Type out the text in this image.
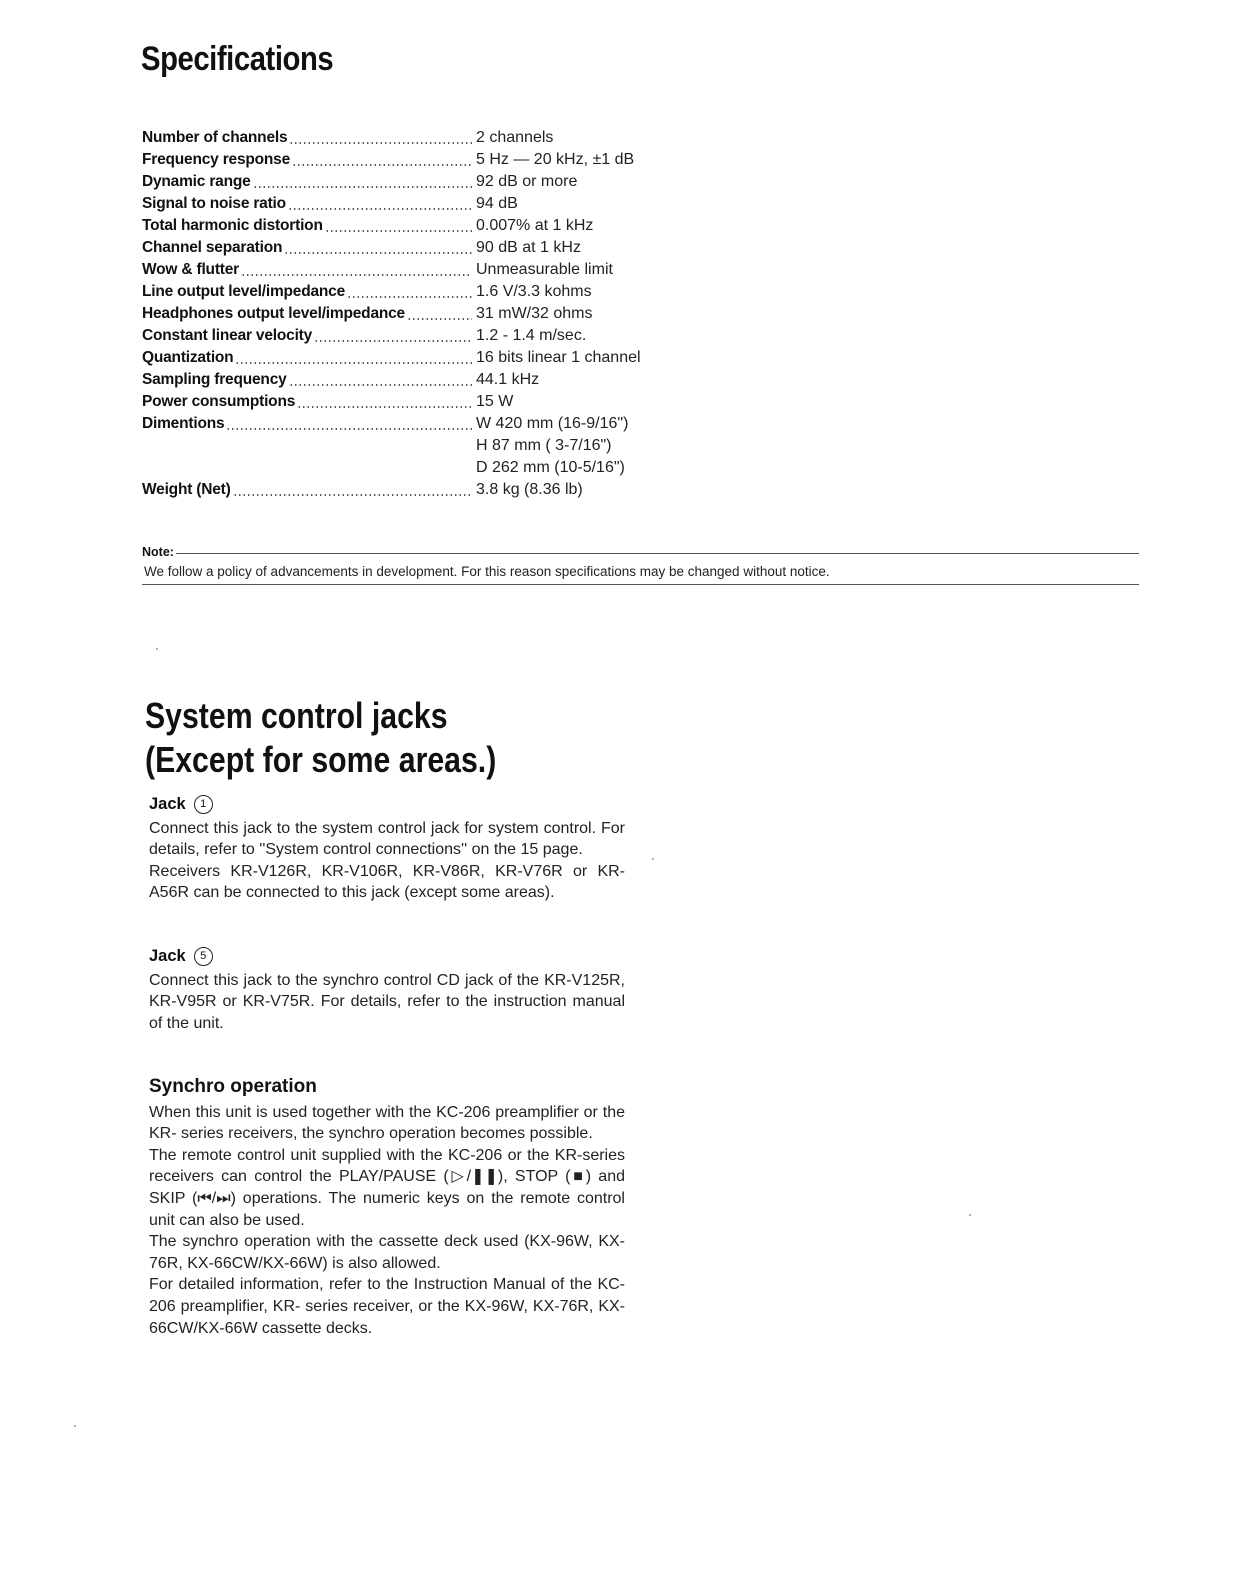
Specifications
Number of channels	2 channels
Frequency response	5 Hz — 20 kHz, ±1 dB
Dynamic range	92 dB or more
Signal to noise ratio	94 dB
Total harmonic distortion	0.007% at 1 kHz
Channel separation	90 dB at 1 kHz
Wow & flutter	Unmeasurable limit
Line output level/impedance	1.6 V/3.3 kohms
Headphones output level/impedance	31 mW/32 ohms
Constant linear velocity	1.2 - 1.4 m/sec.
Quantization	16 bits linear 1 channel
Sampling frequency	44.1 kHz
Power consumptions	15 W
Dimentions	W 420 mm (16-9/16")
H 87 mm ( 3-7/16")
D 262 mm (10-5/16")
Weight (Net)	3.8 kg (8.36 lb)
Note:
We follow a policy of advancements in development. For this reason specifications may be changed without notice.
System control jacks
(Except for some areas.)
Jack	1

Connect this jack to the system control jack for system control. For details, refer to ''System control connections'' on the 15 page.

Receivers KR-V126R, KR-V106R, KR-V86R, KR-V76R or KR-A56R can be connected to this jack (except some areas).

Jack	5

Connect this jack to the synchro control CD jack of the KR-V125R, KR-V95R or KR-V75R. For details, refer to the instruction manual of the unit.

Synchro operation

When this unit is used together with the KC-206 preamplifier or the KR- series receivers, the synchro operation becomes possible.

The remote control unit supplied with the KC-206 or the KR-series receivers can control the PLAY/PAUSE (▷/❚❚), STOP (■) and SKIP (⏮/⏭) operations. The numeric keys on the remote control unit can also be used.

The synchro operation with the cassette deck used (KX-96W, KX-76R, KX-66CW/KX-66W) is also allowed.

For detailed information, refer to the Instruction Manual of the KC-206 preamplifier, KR- series receiver, or the KX-96W, KX-76R, KX-66CW/KX-66W cassette decks.
